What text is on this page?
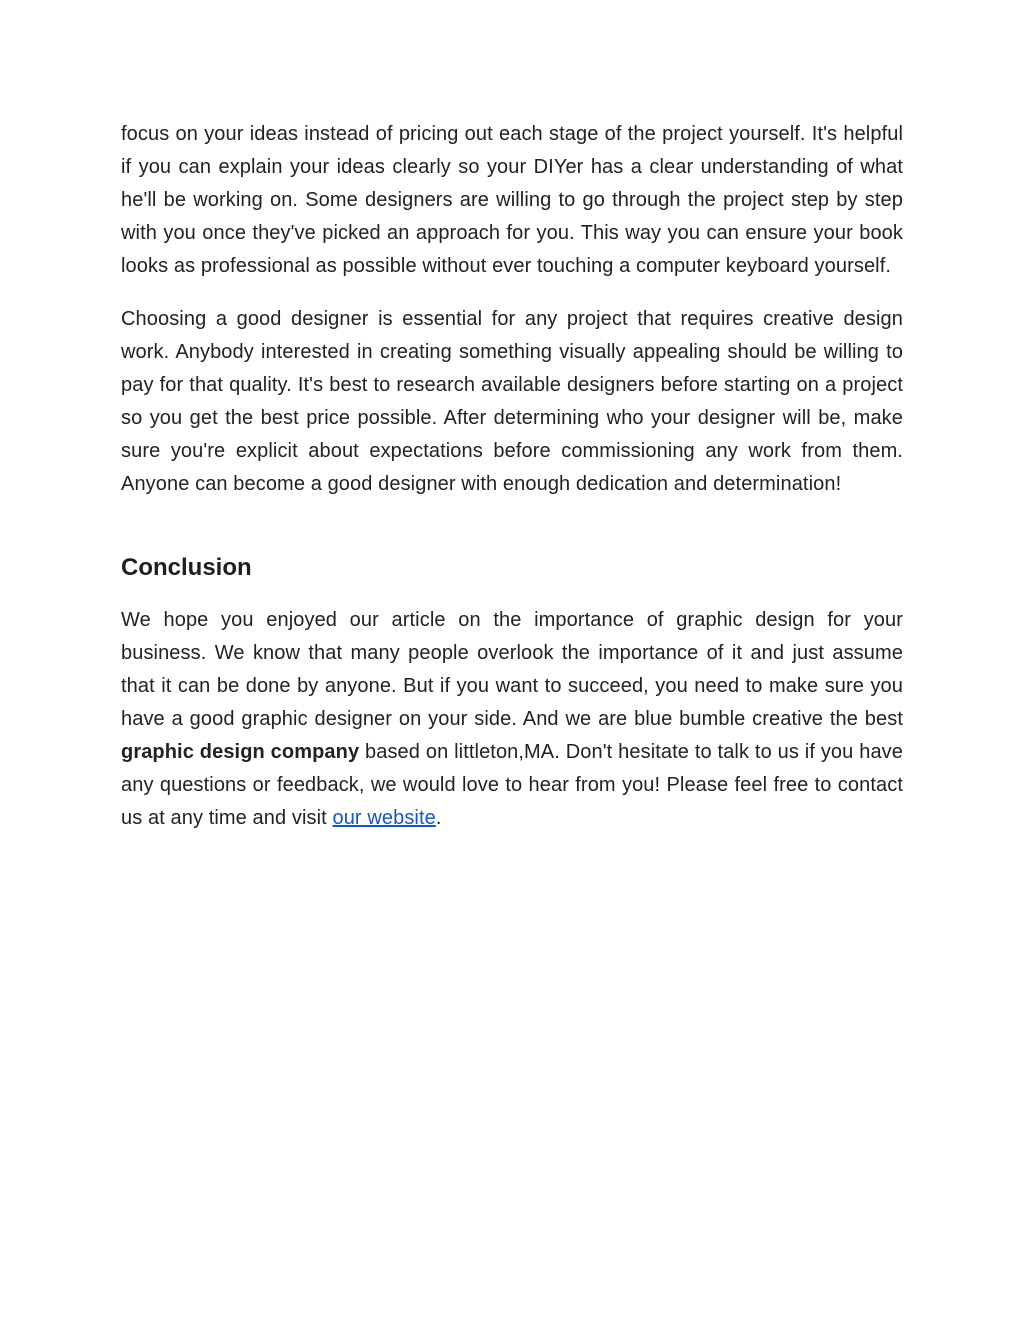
focus on your ideas instead of pricing out each stage of the project yourself. It's helpful if you can explain your ideas clearly so your DIYer has a clear understanding of what he'll be working on. Some designers are willing to go through the project step by step with you once they've picked an approach for you. This way you can ensure your book looks as professional as possible without ever touching a computer keyboard yourself.

Choosing a good designer is essential for any project that requires creative design work. Anybody interested in creating something visually appealing should be willing to pay for that quality. It's best to research available designers before starting on a project so you get the best price possible. After determining who your designer will be, make sure you're explicit about expectations before commissioning any work from them. Anyone can become a good designer with enough dedication and determination!

Conclusion

We hope you enjoyed our article on the importance of graphic design for your business. We know that many people overlook the importance of it and just assume that it can be done by anyone. But if you want to succeed, you need to make sure you have a good graphic designer on your side. And we are blue bumble creative the best graphic design company based on littleton,MA. Don't hesitate to talk to us if you have any questions or feedback, we would love to hear from you! Please feel free to contact us at any time and visit our website.
